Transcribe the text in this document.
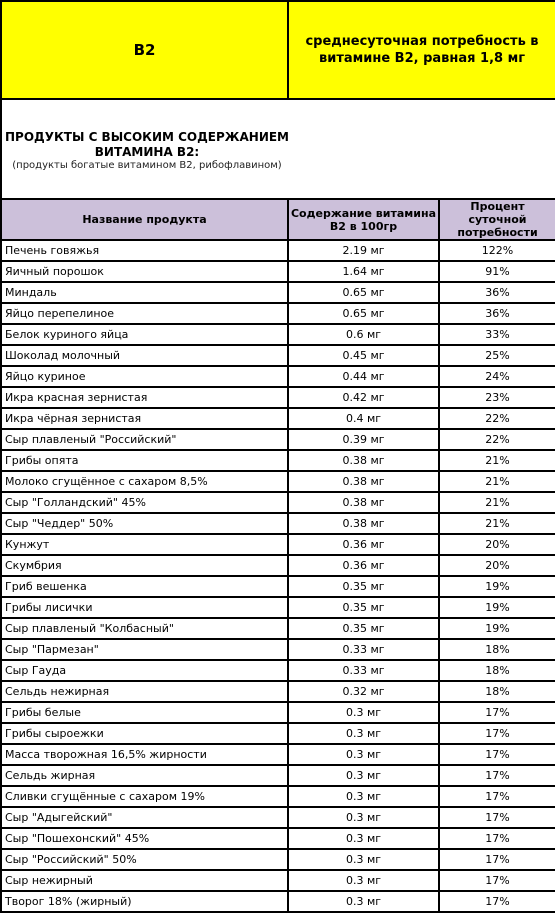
B2	среднесуточная потребность в витамине B2, равная 1,8 мг	

ПРОДУКТЫ С ВЫСОКИМ СОДЕРЖАНИЕМ ВИТАМИНА B2:
(продукты богатые витамином B2, рибофлавином)		

Название продукта	Содержание витамина B2 в 100гр	Процент суточной потребности
Печень говяжья	2.19 мг	122%
Яичный порошок	1.64 мг	91%
Миндаль	0.65 мг	36%
Яйцо перепелиное	0.65 мг	36%
Белок куриного яйца	0.6 мг	33%
Шоколад молочный	0.45 мг	25%
Яйцо куриное	0.44 мг	24%
Икра красная зернистая	0.42 мг	23%
Икра чёрная зернистая	0.4 мг	22%
Сыр плавленый "Российский"	0.39 мг	22%
Грибы опята	0.38 мг	21%
Молоко сгущённое с сахаром 8,5%	0.38 мг	21%
Сыр "Голландский" 45%	0.38 мг	21%
Сыр "Чеддер" 50%	0.38 мг	21%
Кунжут	0.36 мг	20%
Скумбрия	0.36 мг	20%
Гриб вешенка	0.35 мг	19%
Грибы лисички	0.35 мг	19%
Сыр плавленый "Колбасный"	0.35 мг	19%
Сыр "Пармезан"	0.33 мг	18%
Сыр Гауда	0.33 мг	18%
Сельдь нежирная	0.32 мг	18%
Грибы белые	0.3 мг	17%
Грибы сыроежки	0.3 мг	17%
Масса творожная 16,5% жирности	0.3 мг	17%
Сельдь жирная	0.3 мг	17%
Сливки сгущённые с сахаром 19%	0.3 мг	17%
Сыр "Адыгейский"	0.3 мг	17%
Сыр "Пошехонский" 45%	0.3 мг	17%
Сыр "Российский" 50%	0.3 мг	17%
Сыр нежирный	0.3 мг	17%
Творог 18% (жирный)	0.3 мг	17%
